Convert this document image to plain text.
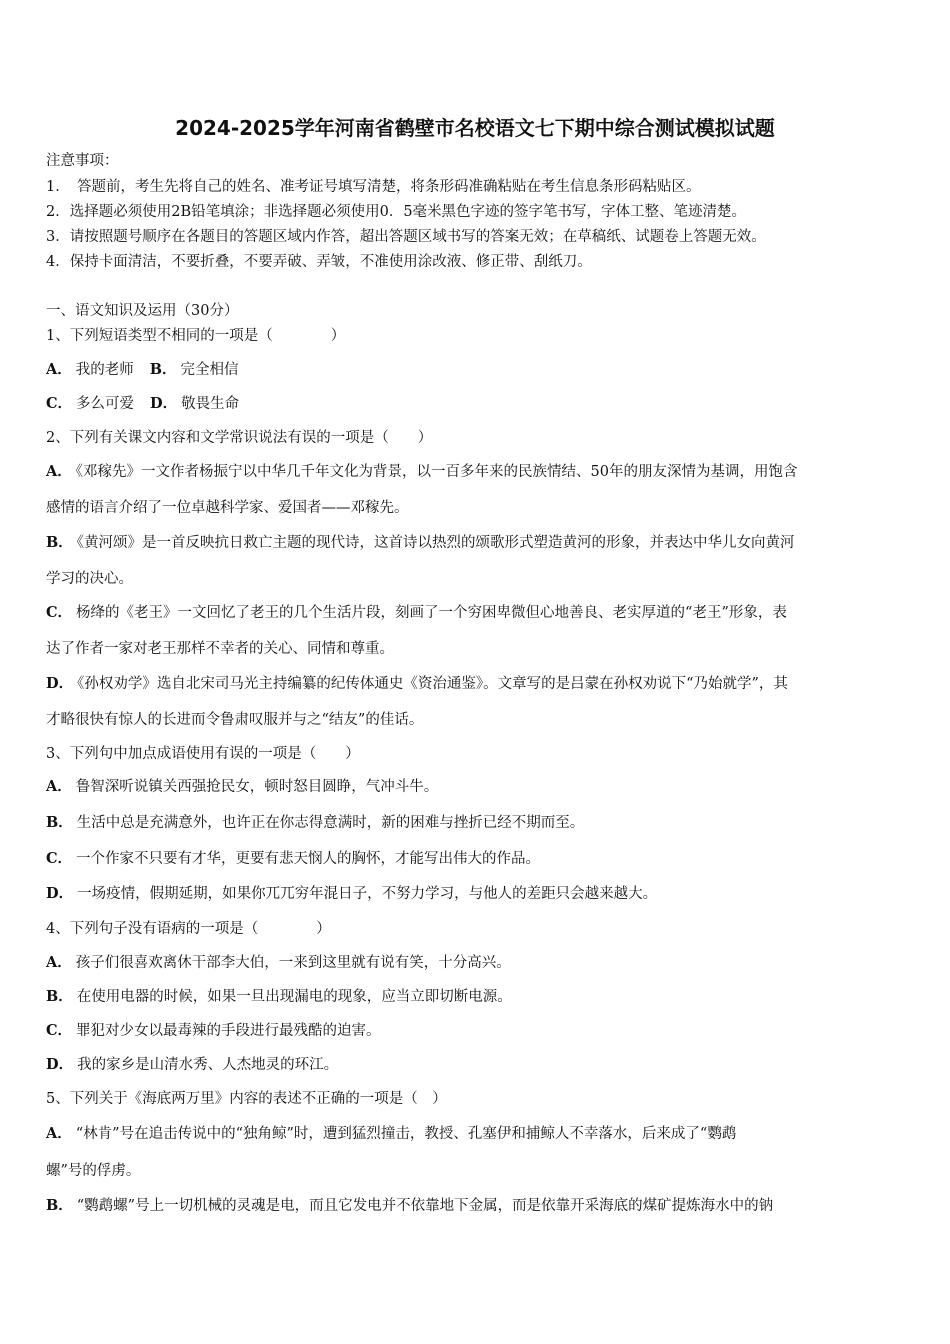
2024-2025学年河南省鹤壁市名校语文七下期中综合测试模拟试题
注意事项：
1．　答题前，考生先将自己的姓名、准考证号填写清楚，将条形码准确粘贴在考生信息条形码粘贴区。
2．选择题必须使用2B铅笔填涂；非选择题必须使用0．5毫米黑色字迹的签字笔书写，字体工整、笔迹清楚。
3．请按照题号顺序在各题目的答题区域内作答，超出答题区域书写的答案无效；在草稿纸、试题卷上答题无效。
4．保持卡面清洁，不要折叠，不要弄破、弄皱，不准使用涂改液、修正带、刮纸刀。
一、语文知识及运用（30分）
1、下列短语类型不相同的一项是（　　　　）
A． 我的老师 B． 完全相信
C． 多么可爱 D． 敬畏生命
2、下列有关课文内容和文学常识说法有误的一项是（　　）
A． 《邓稼先》一文作者杨振宁以中华几千年文化为背景，以一百多年来的民族情结、50年的朋友深情为基调，用饱含
感情的语言介绍了一位卓越科学家、爱国者——邓稼先。
B． 《黄河颂》是一首反映抗日救亡主题的现代诗，这首诗以热烈的颂歌形式塑造黄河的形象，并表达中华儿女向黄河
学习的决心。
C． 杨绛的《老王》一文回忆了老王的几个生活片段，刻画了一个穷困卑微但心地善良、老实厚道的“老王”形象，表
达了作者一家对老王那样不幸者的关心、同情和尊重。
D． 《孙权劝学》选自北宋司马光主持编纂的纪传体通史《资治通鉴》。文章写的是吕蒙在孙权劝说下“乃始就学”，其
才略很快有惊人的长进而令鲁肃叹服并与之“结友”的佳话。
3、下列句中加点成语使用有误的一项是（　　）
A． 鲁智深听说镇关西强抢民女，顿时怒目圆睁，气冲斗牛。
B． 生活中总是充满意外，也许正在你志得意满时，新的困难与挫折已经不期而至。
C． 一个作家不只要有才华，更要有悲天悯人的胸怀，才能写出伟大的作品。
D． 一场疫情，假期延期，如果你兀兀穷年混日子，不努力学习，与他人的差距只会越来越大。
4、下列句子没有语病的一项是（　　　　）
A． 孩子们很喜欢离休干部李大伯，一来到这里就有说有笑，十分高兴。
B． 在使用电器的时候，如果一旦出现漏电的现象，应当立即切断电源。
C． 罪犯对少女以最毒辣的手段进行最残酷的迫害。
D． 我的家乡是山清水秀、人杰地灵的环江。
5、下列关于《海底两万里》内容的表述不正确的一项是（　）
A． “林肯”号在追击传说中的“独角鲸”时，遭到猛烈撞击，教授、孔塞伊和捕鲸人不幸落水，后来成了“鹦鹉
螺”号的俘虏。
B． “鹦鹉螺”号上一切机械的灵魂是电，而且它发电并不依靠地下金属，而是依靠开采海底的煤矿提炼海水中的钠
